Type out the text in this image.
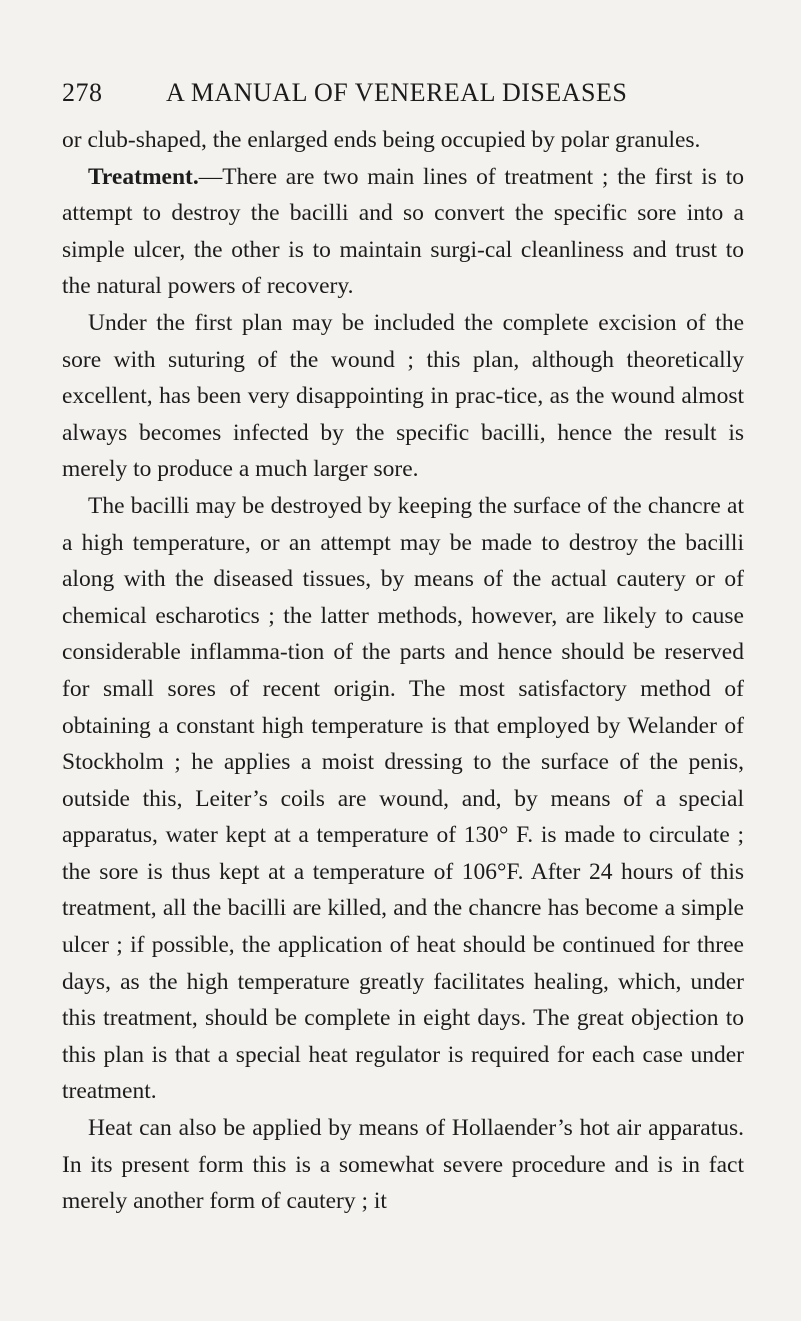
278 A MANUAL OF VENEREAL DISEASES

or club-shaped, the enlarged ends being occupied by polar granules.

Treatment.—There are two main lines of treatment ; the first is to attempt to destroy the bacilli and so convert the specific sore into a simple ulcer, the other is to maintain surgi-cal cleanliness and trust to the natural powers of recovery.

Under the first plan may be included the complete excision of the sore with suturing of the wound ; this plan, although theoretically excellent, has been very disappointing in prac-tice, as the wound almost always becomes infected by the specific bacilli, hence the result is merely to produce a much larger sore.

The bacilli may be destroyed by keeping the surface of the chancre at a high temperature, or an attempt may be made to destroy the bacilli along with the diseased tissues, by means of the actual cautery or of chemical escharotics ; the latter methods, however, are likely to cause considerable inflamma-tion of the parts and hence should be reserved for small sores of recent origin. The most satisfactory method of obtaining a constant high temperature is that employed by Welander of Stockholm ; he applies a moist dressing to the surface of the penis, outside this, Leiter’s coils are wound, and, by means of a special apparatus, water kept at a temperature of 130° F. is made to circulate ; the sore is thus kept at a temperature of 106°F. After 24 hours of this treatment, all the bacilli are killed, and the chancre has become a simple ulcer ; if possible, the application of heat should be continued for three days, as the high temperature greatly facilitates healing, which, under this treatment, should be complete in eight days. The great objection to this plan is that a special heat regulator is required for each case under treatment.

Heat can also be applied by means of Hollaender’s hot air apparatus. In its present form this is a somewhat severe procedure and is in fact merely another form of cautery ; it
